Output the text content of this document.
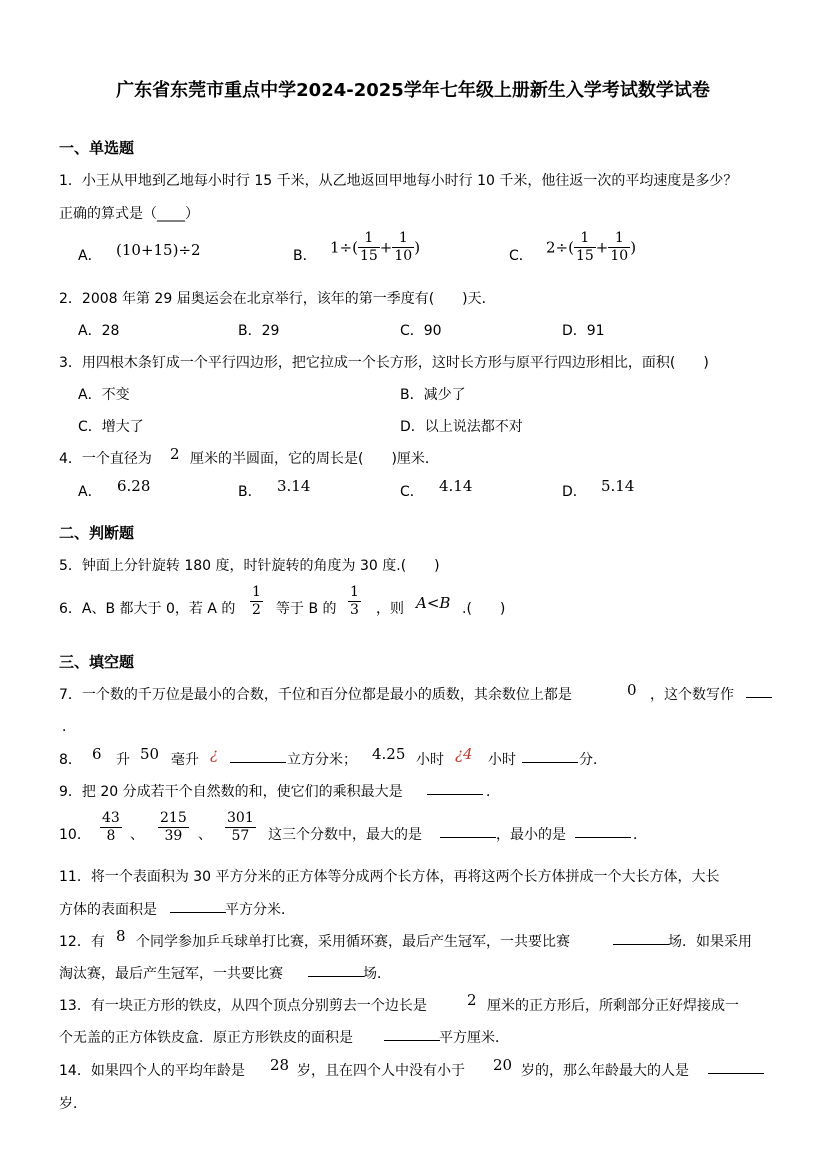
广东省东莞市重点中学2024-2025学年七年级上册新生入学考试数学试卷
一、单选题
1．小王从甲地到乙地每小时行 15 千米，从乙地返回甲地每小时行 10 千米，他往返一次的平均速度是多少？
正确的算式是（____）
A． (10+15)÷2	B． $1\div( \frac{1}{15} + \frac{1}{10}$ )	C． $2\div( \frac{1}{15} + \frac{1}{10}$ )
2．2008 年第 29 届奥运会在北京举行，该年的第一季度有(　　)天．
A．28	B．29	C．90	D．91
3．用四根木条钉成一个平行四边形，把它拉成一个长方形，这时长方形与原平行四边形相比，面积(　　)
A．不变	B．减少了
C．增大了	D．以上说法都不对
4．一个直径为 2 厘米的半圆面，它的周长是(　　)厘米．
A． 6.28	B． 3.14	C． 4.14	D． 5.14
二、判断题
5．钟面上分针旋转 180 度，时针旋转的角度为 30 度.(　　)
6．A、B 都大于 0，若 A 的 $\frac{1}{2}$ 等于 B 的 $\frac{1}{3}$ ，则 A<B .(　　)
三、填空题
7．一个数的千万位是最小的合数，千位和百分位都是最小的质数，其余数位上都是	0 ，这个数写作
．
8． 6 升 50 毫升 ¿	立方分米； 4.25 小时 ¿4 小时	分．
9．把 20 分成若干个自然数的和，使它们的乘积最大是	．
10． $\frac{43}{8}$ 、 $\frac{215}{39}$ 、 $\frac{301}{57}$ 这三个分数中，最大的是	，最小的是	．
11．将一个表面积为 30 平方分米的正方体等分成两个长方体，再将这两个长方体拼成一个大长方体，大长
方体的表面积是	平方分米．
12．有 8 个同学参加乒乓球单打比赛，采用循环赛，最后产生冠军，一共要比赛	场．如果采用
淘汰赛，最后产生冠军，一共要比赛	场．
13．有一块正方形的铁皮，从四个顶点分别剪去一个边长是	2 厘米的正方形后，所剩部分正好焊接成一
个无盖的正方体铁皮盒．原正方形铁皮的面积是	平方厘米．
14．如果四个人的平均年龄是 28 岁，且在四个人中没有小于 20 岁的，那么年龄最大的人是
岁．
